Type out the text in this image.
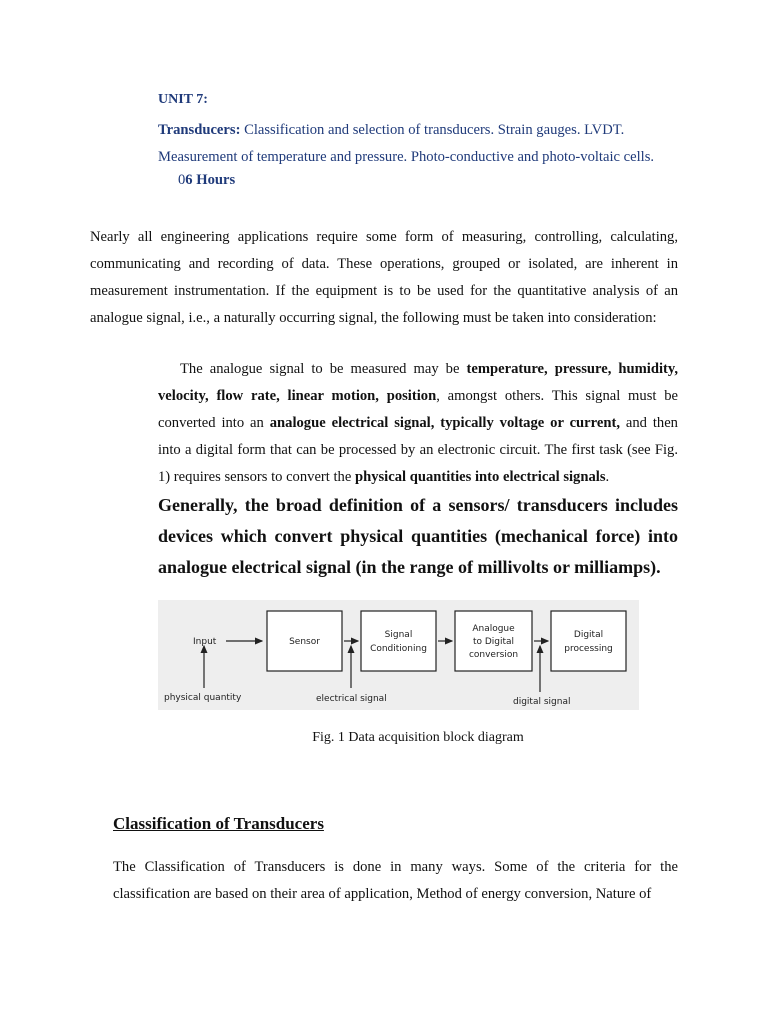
UNIT 7:
Transducers: Classification and selection of transducers. Strain gauges. LVDT.
Measurement of temperature and pressure. Photo-conductive and photo-voltaic cells.
06 Hours

Nearly all engineering applications require some form of measuring, controlling, calculating, communicating and recording of data. These operations, grouped or isolated, are inherent in measurement instrumentation. If the equipment is to be used for the quantitative analysis of an analogue signal, i.e., a naturally occurring signal, the following must be taken into consideration:

The analogue signal to be measured may be temperature, pressure, humidity, velocity, flow rate, linear motion, position, amongst others. This signal must be converted into an analogue electrical signal, typically voltage or current, and then into a digital form that can be processed by an electronic circuit. The first task (see Fig. 1) requires sensors to convert the physical quantities into electrical signals.

Generally, the broad definition of a sensors/ transducers includes devices which convert physical quantities (mechanical force) into analogue electrical signal (in the range of millivolts or milliamps).
Input	Sensor
Signal
Conditioning
Analogue
to Digital
conversion
Digital
processing
physical quantity	electrical signal	digital signal
Fig. 1 Data acquisition block diagram
Classification of Transducers

The Classification of Transducers is done in many ways. Some of the criteria for the classification are based on their area of application, Method of energy conversion, Nature of
